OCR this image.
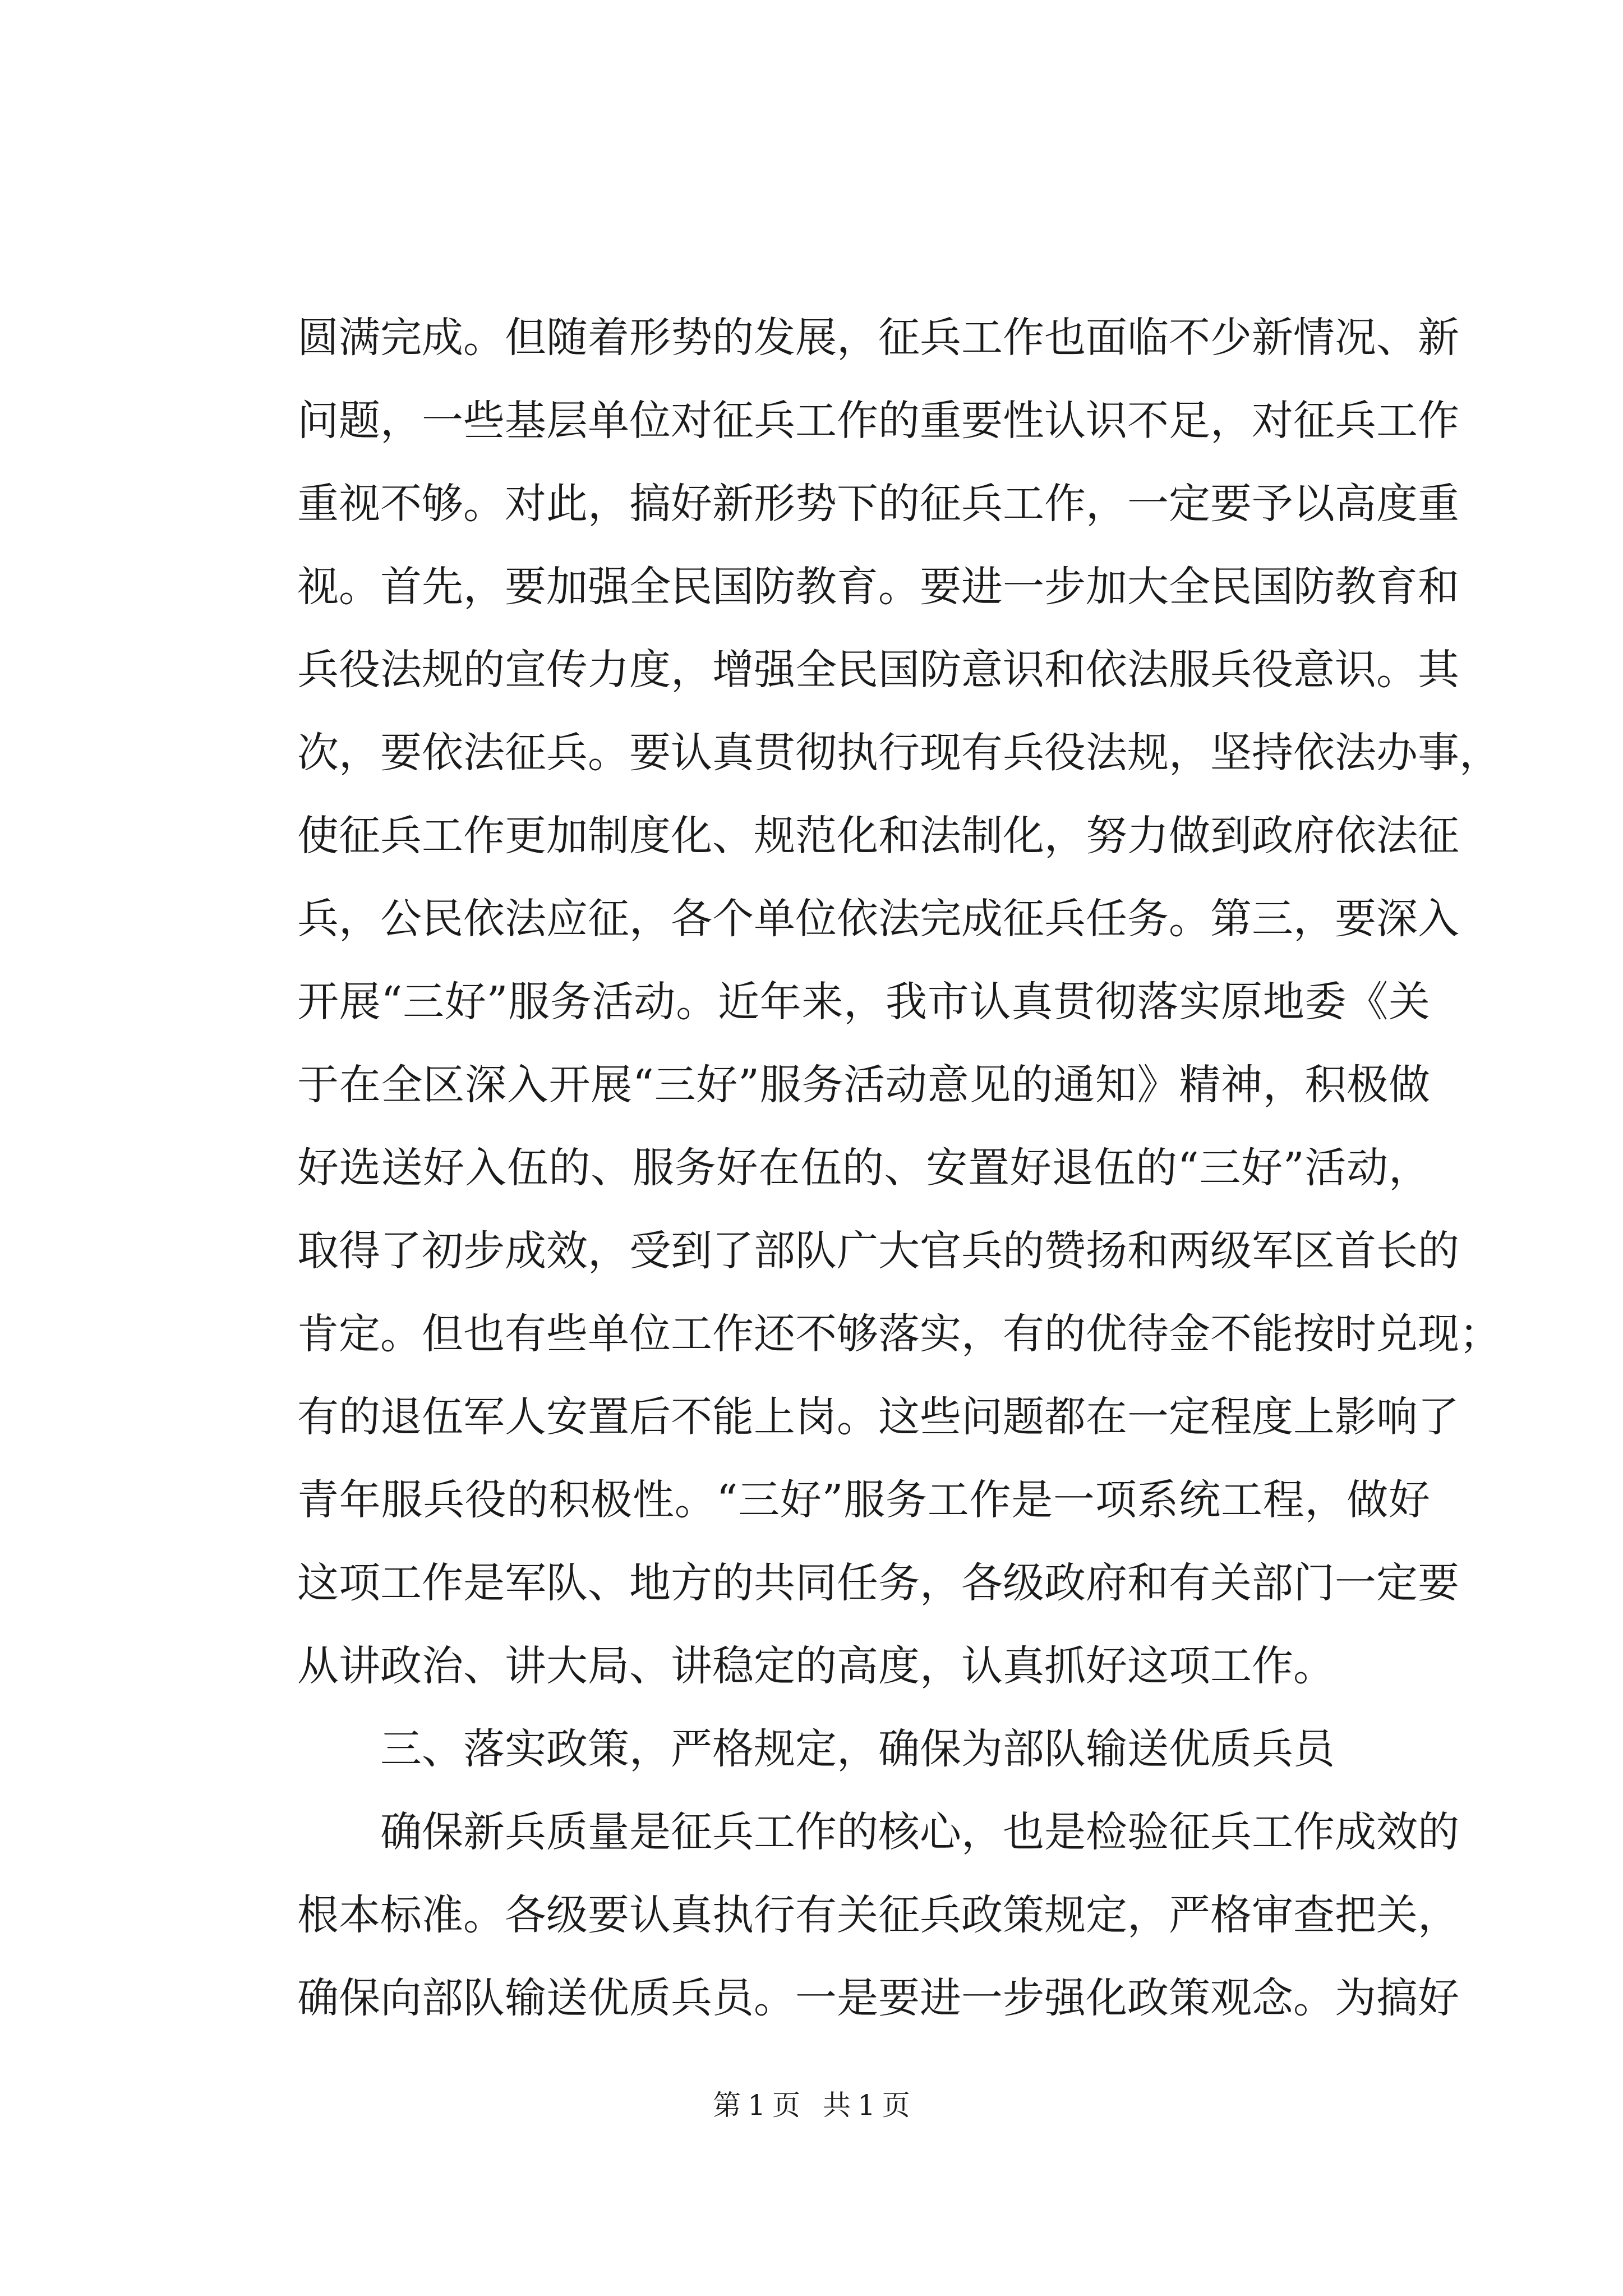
圆满完成。但随着形势的发展，征兵工作也面临不少新情况、新
问题，一些基层单位对征兵工作的重要性认识不足，对征兵工作
重视不够。对此，搞好新形势下的征兵工作，一定要予以高度重
视。首先，要加强全民国防教育。要进一步加大全民国防教育和
兵役法规的宣传力度，增强全民国防意识和依法服兵役意识。其
次，要依法征兵。要认真贯彻执行现有兵役法规，坚持依法办事，
使征兵工作更加制度化、规范化和法制化，努力做到政府依法征
兵，公民依法应征，各个单位依法完成征兵任务。第三，要深入
开展“三好”服务活动。近年来，我市认真贯彻落实原地委《关
于在全区深入开展“三好”服务活动意见的通知》精神，积极做
好选送好入伍的、服务好在伍的、安置好退伍的“三好”活动，
取得了初步成效，受到了部队广大官兵的赞扬和两级军区首长的
肯定。但也有些单位工作还不够落实，有的优待金不能按时兑现；
有的退伍军人安置后不能上岗。这些问题都在一定程度上影响了
青年服兵役的积极性。“三好”服务工作是一项系统工程，做好
这项工作是军队、地方的共同任务，各级政府和有关部门一定要
从讲政治、讲大局、讲稳定的高度，认真抓好这项工作。
三、落实政策，严格规定，确保为部队输送优质兵员
确保新兵质量是征兵工作的核心，也是检验征兵工作成效的
根本标准。各级要认真执行有关征兵政策规定，严格审查把关，
确保向部队输送优质兵员。一是要进一步强化政策观念。为搞好
第 1 页 共 1 页
